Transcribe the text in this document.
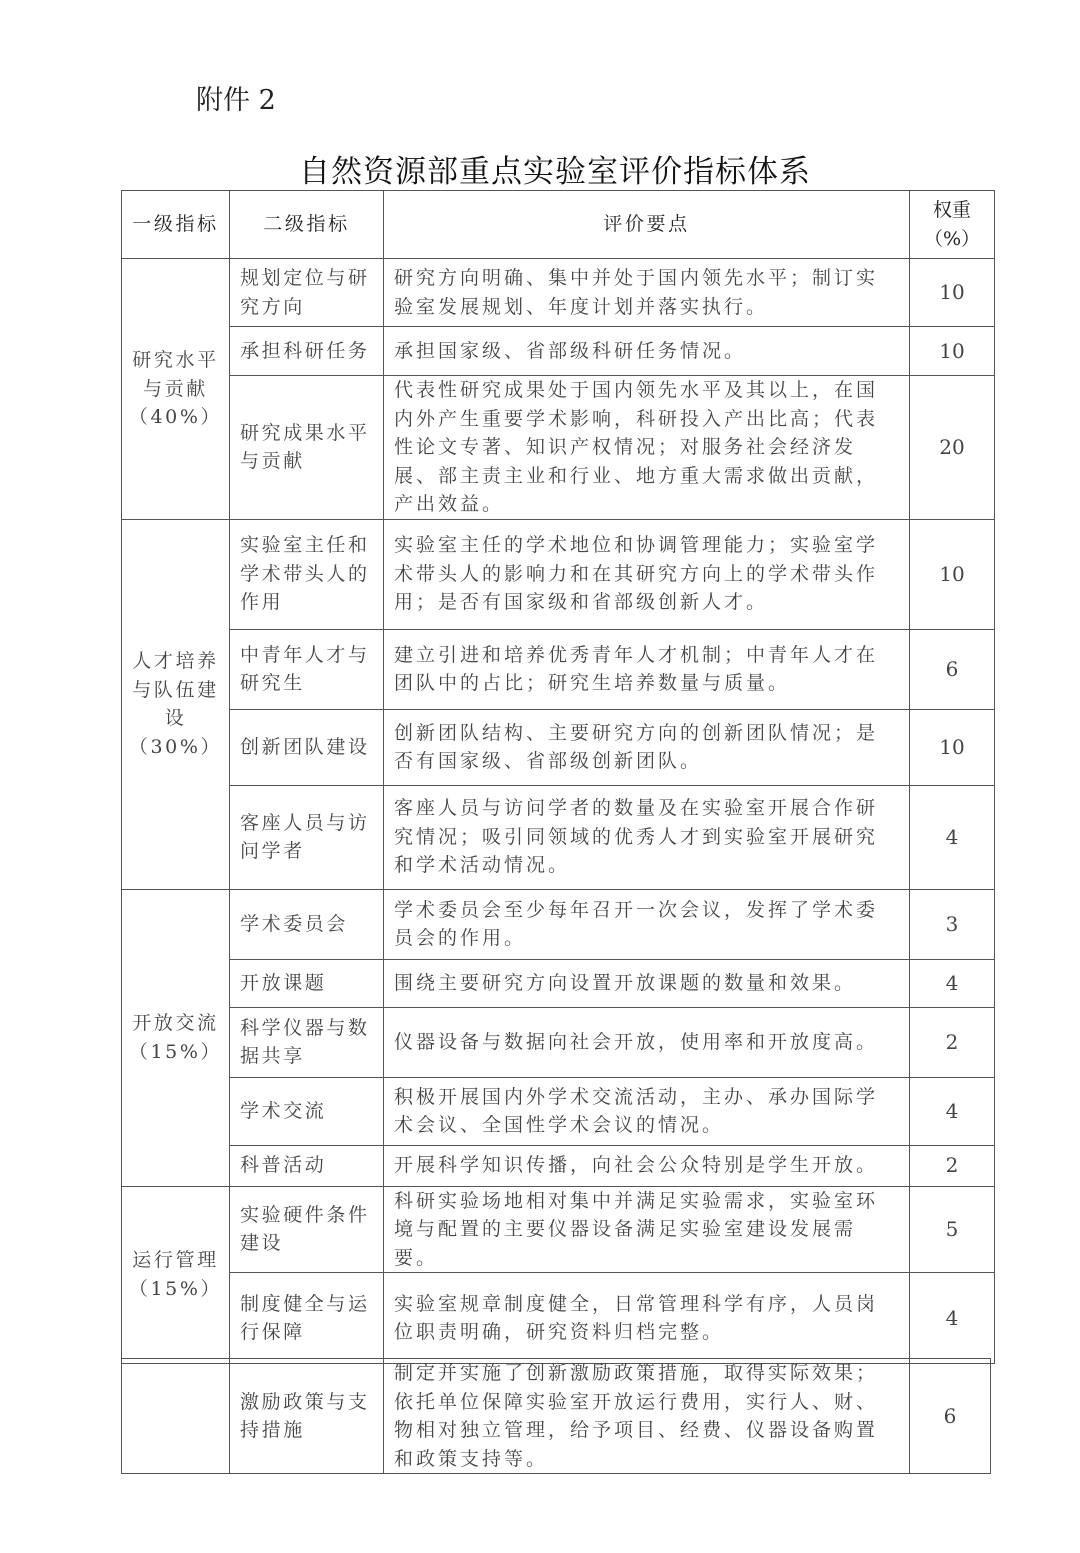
附件 2
自然资源部重点实验室评价指标体系
一级指标	二级指标	评价要点	权重（%）
研究水平与贡献（40%）	规划定位与研究方向	研究方向明确、集中并处于国内领先水平；制订实验室发展规划、年度计划并落实执行。	10
	承担科研任务	承担国家级、省部级科研任务情况。	10
	研究成果水平与贡献	代表性研究成果处于国内领先水平及其以上，在国内外产生重要学术影响，科研投入产出比高；代表性论文专著、知识产权情况；对服务社会经济发展、部主责主业和行业、地方重大需求做出贡献，产出效益。	20
人才培养与队伍建设（30%）	实验室主任和学术带头人的作用	实验室主任的学术地位和协调管理能力；实验室学术带头人的影响力和在其研究方向上的学术带头作用；是否有国家级和省部级创新人才。	10
	中青年人才与研究生	建立引进和培养优秀青年人才机制；中青年人才在团队中的占比；研究生培养数量与质量。	6
	创新团队建设	创新团队结构、主要研究方向的创新团队情况；是否有国家级、省部级创新团队。	10
	客座人员与访问学者	客座人员与访问学者的数量及在实验室开展合作研究情况；吸引同领域的优秀人才到实验室开展研究和学术活动情况。	4
开放交流（15%）	学术委员会	学术委员会至少每年召开一次会议，发挥了学术委员会的作用。	3
	开放课题	围绕主要研究方向设置开放课题的数量和效果。	4
	科学仪器与数据共享	仪器设备与数据向社会开放，使用率和开放度高。	2
	学术交流	积极开展国内外学术交流活动，主办、承办国际学术会议、全国性学术会议的情况。	4
	科普活动	开展科学知识传播，向社会公众特别是学生开放。	2
运行管理（15%）	实验硬件条件建设	科研实验场地相对集中并满足实验需求，实验室环境与配置的主要仪器设备满足实验室建设发展需要。	5
	制度健全与运行保障	实验室规章制度健全，日常管理科学有序，人员岗位职责明确，研究资料归档完整。	4
	激励政策与支持措施	制定并实施了创新激励政策措施，取得实际效果；依托单位保障实验室开放运行费用，实行人、财、物相对独立管理，给予项目、经费、仪器设备购置和政策支持等。	6
